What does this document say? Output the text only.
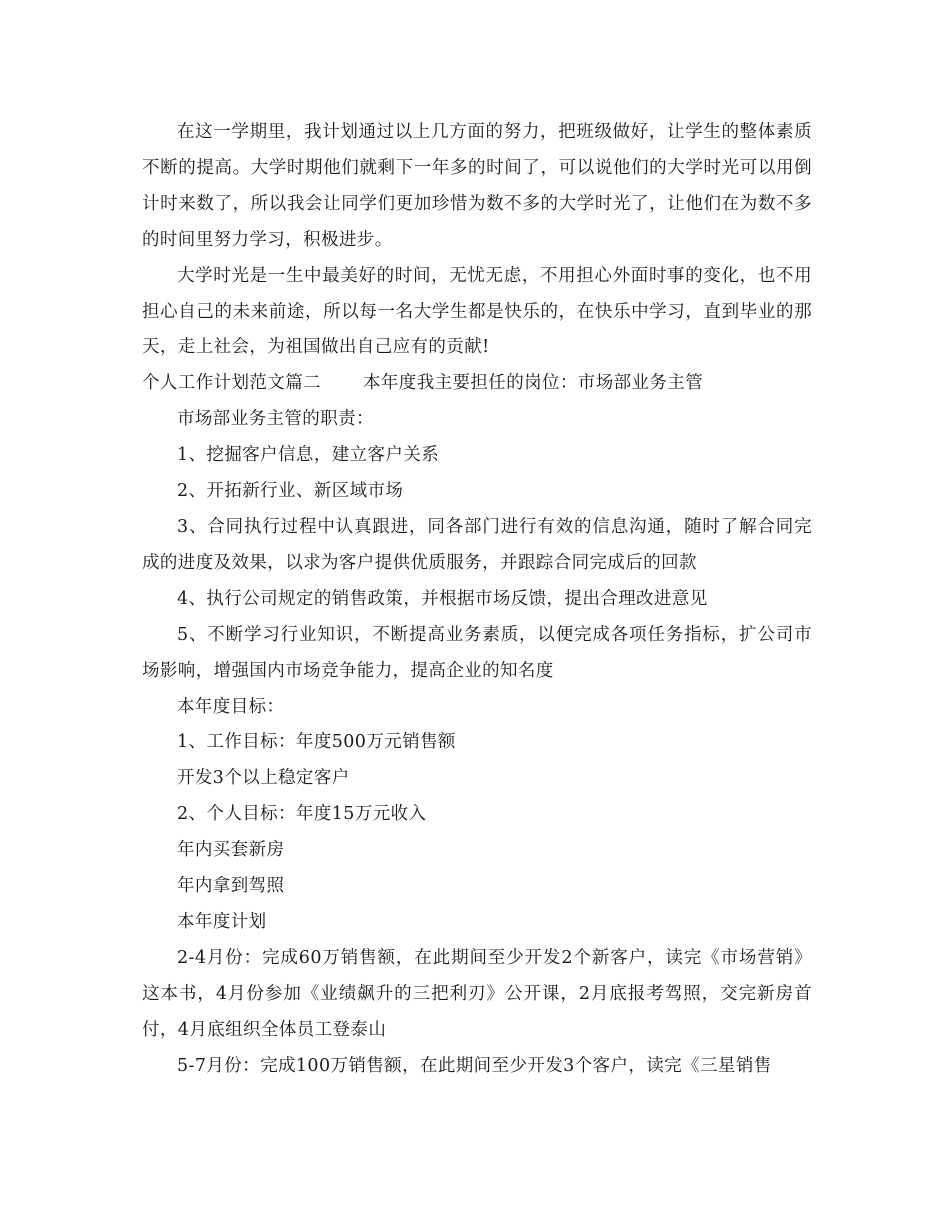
在这一学期里，我计划通过以上几方面的努力，把班级做好，让学生的整体素质不断的提高。大学时期他们就剩下一年多的时间了，可以说他们的大学时光可以用倒计时来数了，所以我会让同学们更加珍惜为数不多的大学时光了，让他们在为数不多的时间里努力学习，积极进步。

大学时光是一生中最美好的时间，无忧无虑，不用担心外面时事的变化，也不用担心自己的未来前途，所以每一名大学生都是快乐的，在快乐中学习，直到毕业的那天，走上社会，为祖国做出自己应有的贡献!

个人工作计划范文篇二 本年度我主要担任的岗位：市场部业务主管

市场部业务主管的职责：

1、挖掘客户信息，建立客户关系

2、开拓新行业、新区域市场

3、合同执行过程中认真跟进，同各部门进行有效的信息沟通，随时了解合同完成的进度及效果，以求为客户提供优质服务，并跟踪合同完成后的回款

4、执行公司规定的销售政策，并根据市场反馈，提出合理改进意见

5、不断学习行业知识，不断提高业务素质，以便完成各项任务指标，扩公司市场影响，增强国内市场竞争能力，提高企业的知名度

本年度目标：

1、工作目标：年度500万元销售额

开发3个以上稳定客户

2、个人目标：年度15万元收入

年内买套新房

年内拿到驾照

本年度计划

2-4月份：完成60万销售额，在此期间至少开发2个新客户，读完《市场营销》这本书，4月份参加《业绩飙升的三把利刃》公开课，2月底报考驾照，交完新房首付，4月底组织全体员工登泰山

5-7月份：完成100万销售额，在此期间至少开发3个客户，读完《三星销售
